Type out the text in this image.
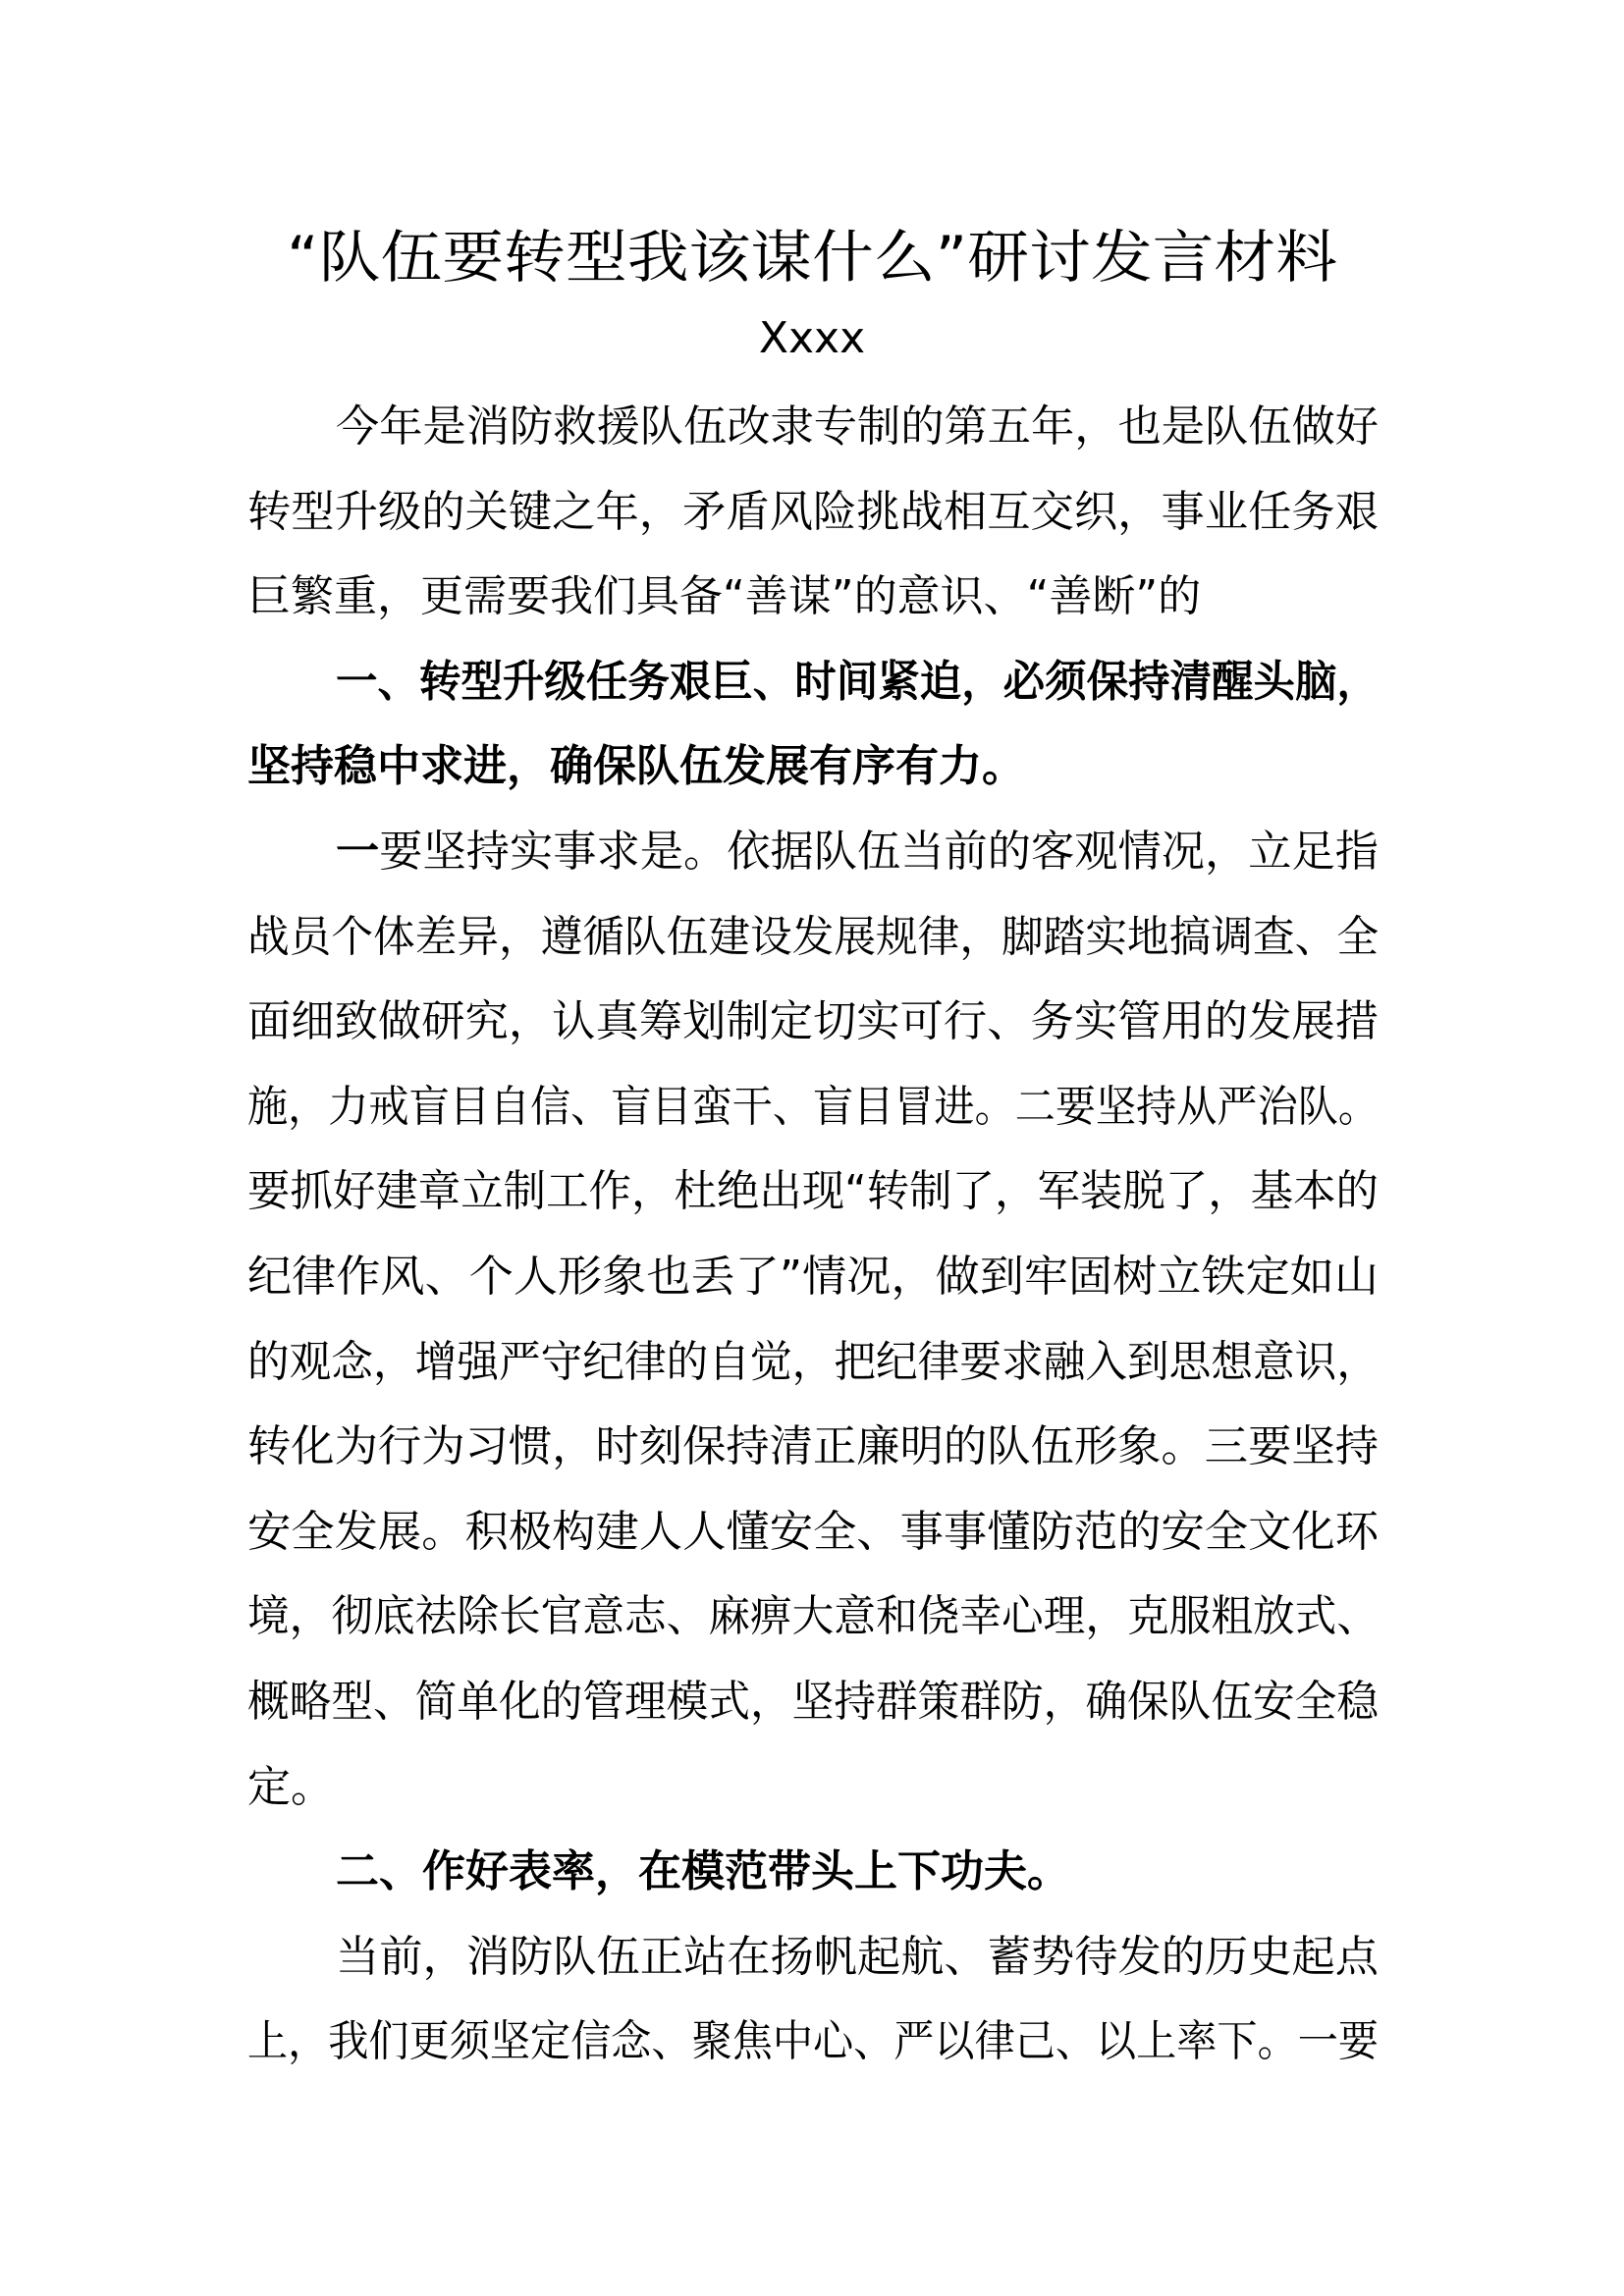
“队伍要转型我该谋什么”研讨发言材料
Xxxx
今年是消防救援队伍改隶专制的第五年，也是队伍做好
转型升级的关键之年，矛盾风险挑战相互交织，事业任务艰
巨繁重，更需要我们具备“善谋”的意识、“善断”的
一、转型升级任务艰巨、时间紧迫，必须保持清醒头脑，
坚持稳中求进，确保队伍发展有序有力。
一要坚持实事求是。依据队伍当前的客观情况，立足指
战员个体差异，遵循队伍建设发展规律，脚踏实地搞调查、全
面细致做研究，认真筹划制定切实可行、务实管用的发展措
施，力戒盲目自信、盲目蛮干、盲目冒进。二要坚持从严治队。
要抓好建章立制工作，杜绝出现“转制了，军装脱了，基本的
纪律作风、个人形象也丢了”情况，做到牢固树立铁定如山
的观念，增强严守纪律的自觉，把纪律要求融入到思想意识，
转化为行为习惯，时刻保持清正廉明的队伍形象。三要坚持
安全发展。积极构建人人懂安全、事事懂防范的安全文化环
境，彻底祛除长官意志、麻痹大意和侥幸心理，克服粗放式、
概略型、简单化的管理模式，坚持群策群防，确保队伍安全稳
定。
二、作好表率，在模范带头上下功夫。
当前，消防队伍正站在扬帆起航、蓄势待发的历史起点
上，我们更须坚定信念、聚焦中心、严以律己、以上率下。一要
